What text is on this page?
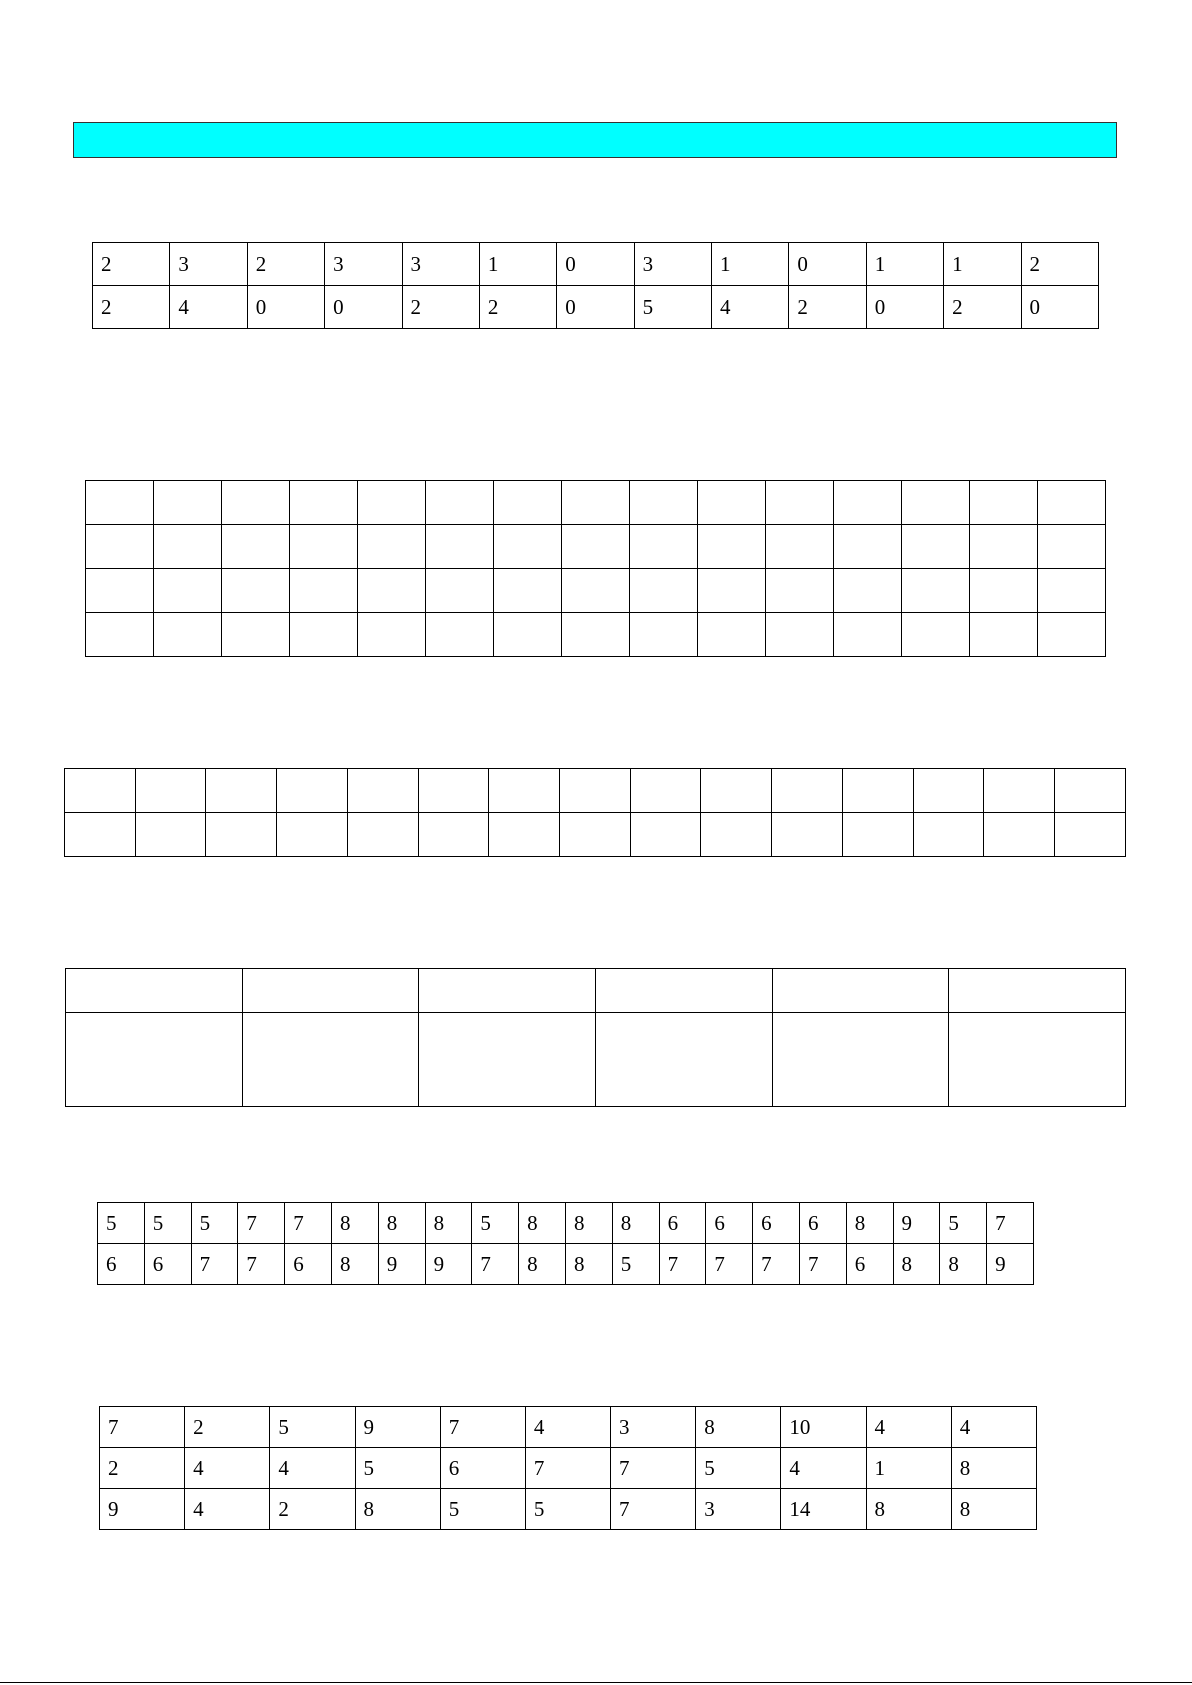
2	3	2	3	3	1	0	3	1	0	1	1	2
2	4	0	0	2	2	0	5	4	2	0	2	0

5	5	5	7	7	8	8	8	5	8	8	8	6	6	6	6	8	9	5	7
6	6	7	7	6	8	9	9	7	8	8	5	7	7	7	7	6	8	8	9
7	2	5	9	7	4	3	8	10	4	4
2	4	4	5	6	7	7	5	4	1	8
9	4	2	8	5	5	7	3	14	8	8
